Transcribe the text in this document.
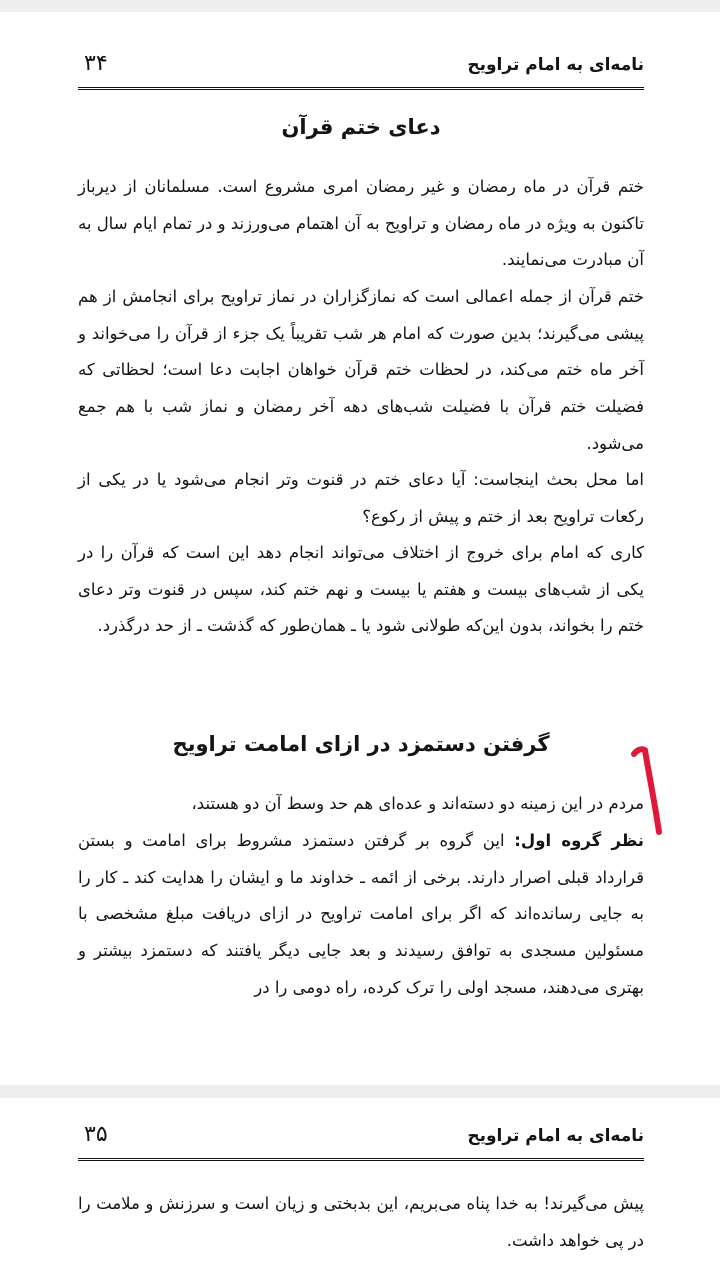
نامه‌ای به امام تراویح
۳۴
دعای ختم قرآن

ختم قرآن در ماه رمضان و غیر رمضان امری مشروع است. مسلمانان از دیرباز تاکنون به ویژه در ماه رمضان و تراویح به آن اهتمام می‌ورزند و در تمام ایام سال به آن مبادرت می‌نمایند.

ختم قرآن از جمله اعمالی است که نمازگزاران در نماز تراویح برای انجامش از هم پیشی می‌گیرند؛ بدین صورت که امام هر شب تقریباً یک جزء از قرآن را می‌خواند و آخر ماه ختم می‌کند، در لحظات ختم قرآن خواهان اجابت دعا است؛ لحظاتی که فضیلت ختم قرآن با فضیلت شب‌های دهه آخر رمضان و نماز شب با هم جمع می‌شود.

اما محل بحث اینجاست: آیا دعای ختم در قنوت وتر انجام می‌شود یا در یکی از رکعات تراویح بعد از ختم و پیش از رکوع؟

کاری که امام برای خروج از اختلاف می‌تواند انجام دهد این است که قرآن را در یکی از شب‌های بیست و هفتم یا بیست و نهم ختم کند، سپس در قنوت وتر دعای ختم را بخواند، بدون این‌که طولانی شود یا ـ همان‌طور که گذشت ـ از حد درگذرد.

گرفتن دستمزد در ازای امامت تراویح

مردم در این زمینه دو دسته‌اند و عده‌ای هم حد وسط آن دو هستند،

نظر گروه اول: این گروه بر گرفتن دستمزد مشروط برای امامت و بستن قرارداد قبلی اصرار دارند. برخی از ائمه ـ خداوند ما و ایشان را هدایت کند ـ کار را به جایی رسانده‌اند که اگر برای امامت تراویح در ازای دریافت مبلغ مشخصی با مسئولین مسجدی به توافق رسیدند و بعد جایی دیگر یافتند که دستمزد بیشتر و بهتری می‌دهند، مسجد اولی را ترک کرده، راه دومی را در

نامه‌ای به امام تراویح
۳۵

پیش می‌گیرند! به خدا پناه می‌بریم، این بدبختی و زیان است و سرزنش و ملامت را در پی خواهد داشت.
